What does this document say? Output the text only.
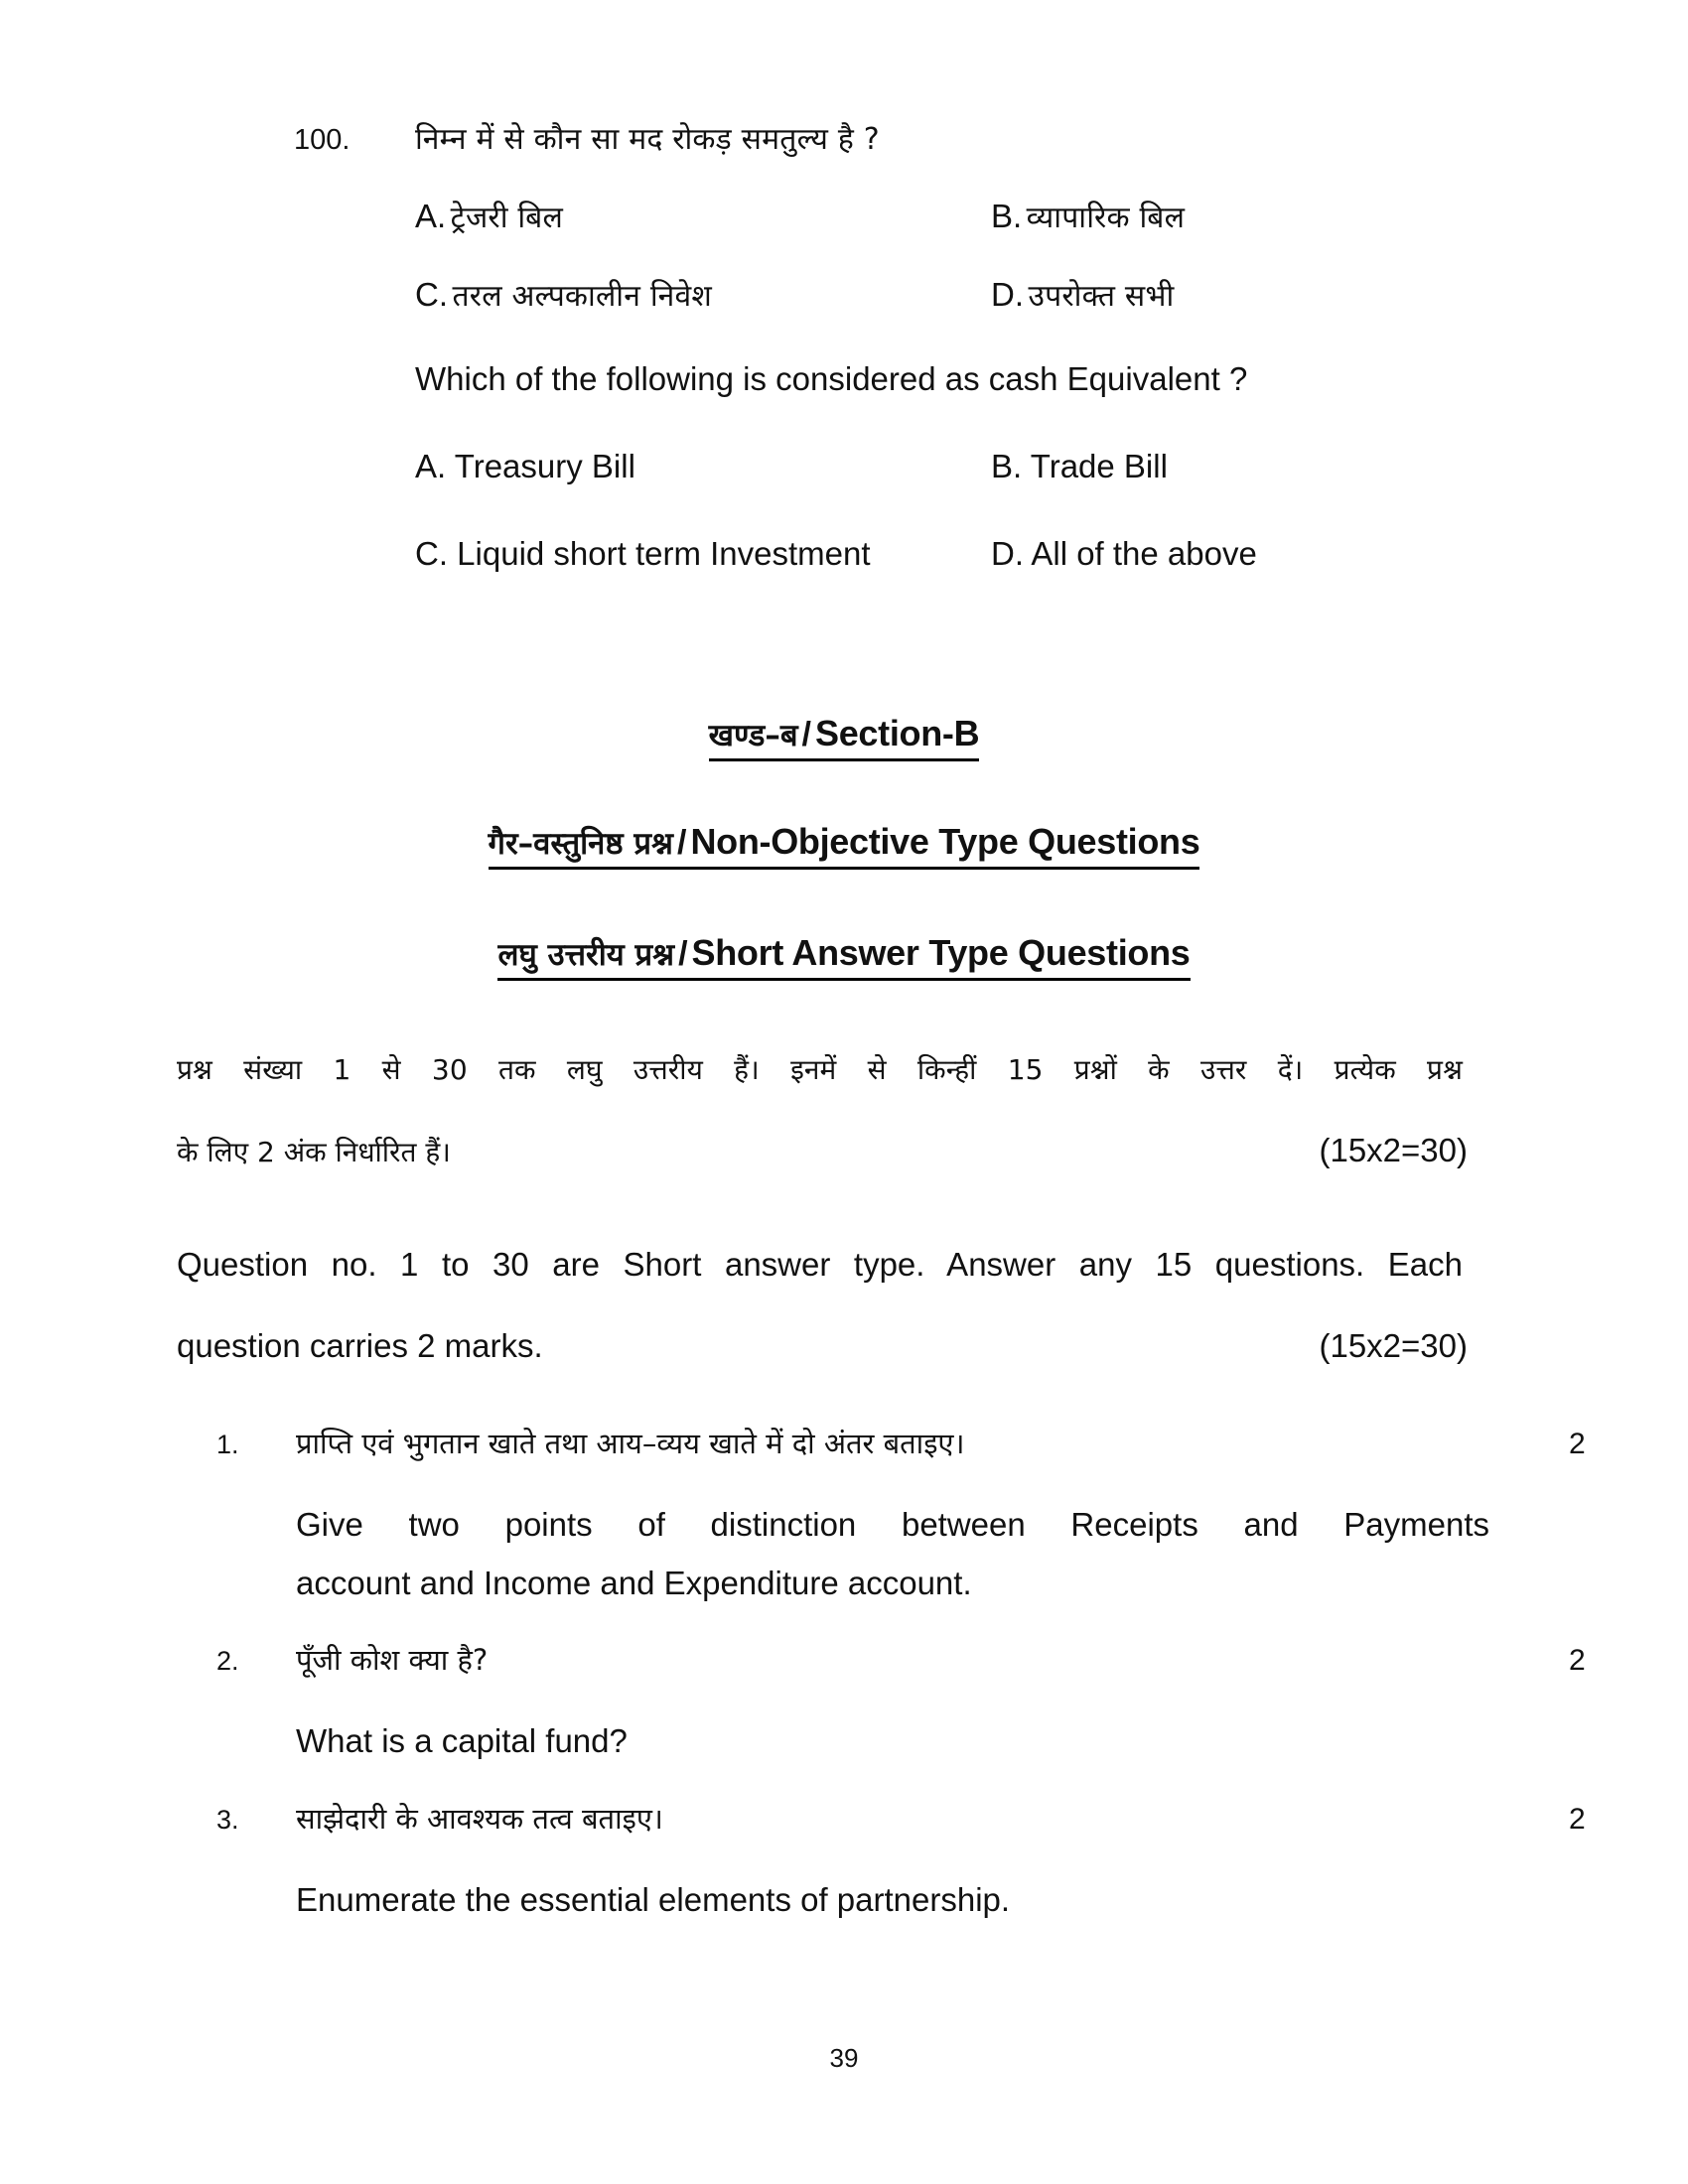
100.	निम्न में से कौन सा मद रोकड़ समतुल्य है ?
A. ट्रेजरी बिल	B. व्यापारिक बिल
C. तरल अल्पकालीन निवेश	D. उपरोक्त सभी
Which of the following is considered as cash Equivalent ?
A. Treasury Bill	B. Trade Bill
C. Liquid short term Investment	D. All of the above
खण्ड–ब / Section-B
गैर–वस्तुनिष्ठ प्रश्न / Non-Objective Type Questions
लघु उत्तरीय प्रश्न / Short Answer Type Questions
प्रश्न संख्या 1 से 30 तक लघु उत्तरीय हैं। इनमें से किन्हीं 15 प्रश्नों के उत्तर दें। प्रत्येक प्रश्न
के लिए 2 अंक निर्धारित हैं।	(15x2=30)
Question no. 1 to 30 are Short answer type. Answer any 15 questions. Each
question carries 2 marks.	(15x2=30)
1.	प्राप्ति एवं भुगतान खाते तथा आय–व्यय खाते में दो अंतर बताइए।	2
Give two points of distinction between Receipts and Payments
account and Income and Expenditure account.
2.	पूँजी कोश क्या है?	2
What is a capital fund?
3.	साझेदारी के आवश्यक तत्व बताइए।	2
Enumerate the essential elements of partnership.
39
